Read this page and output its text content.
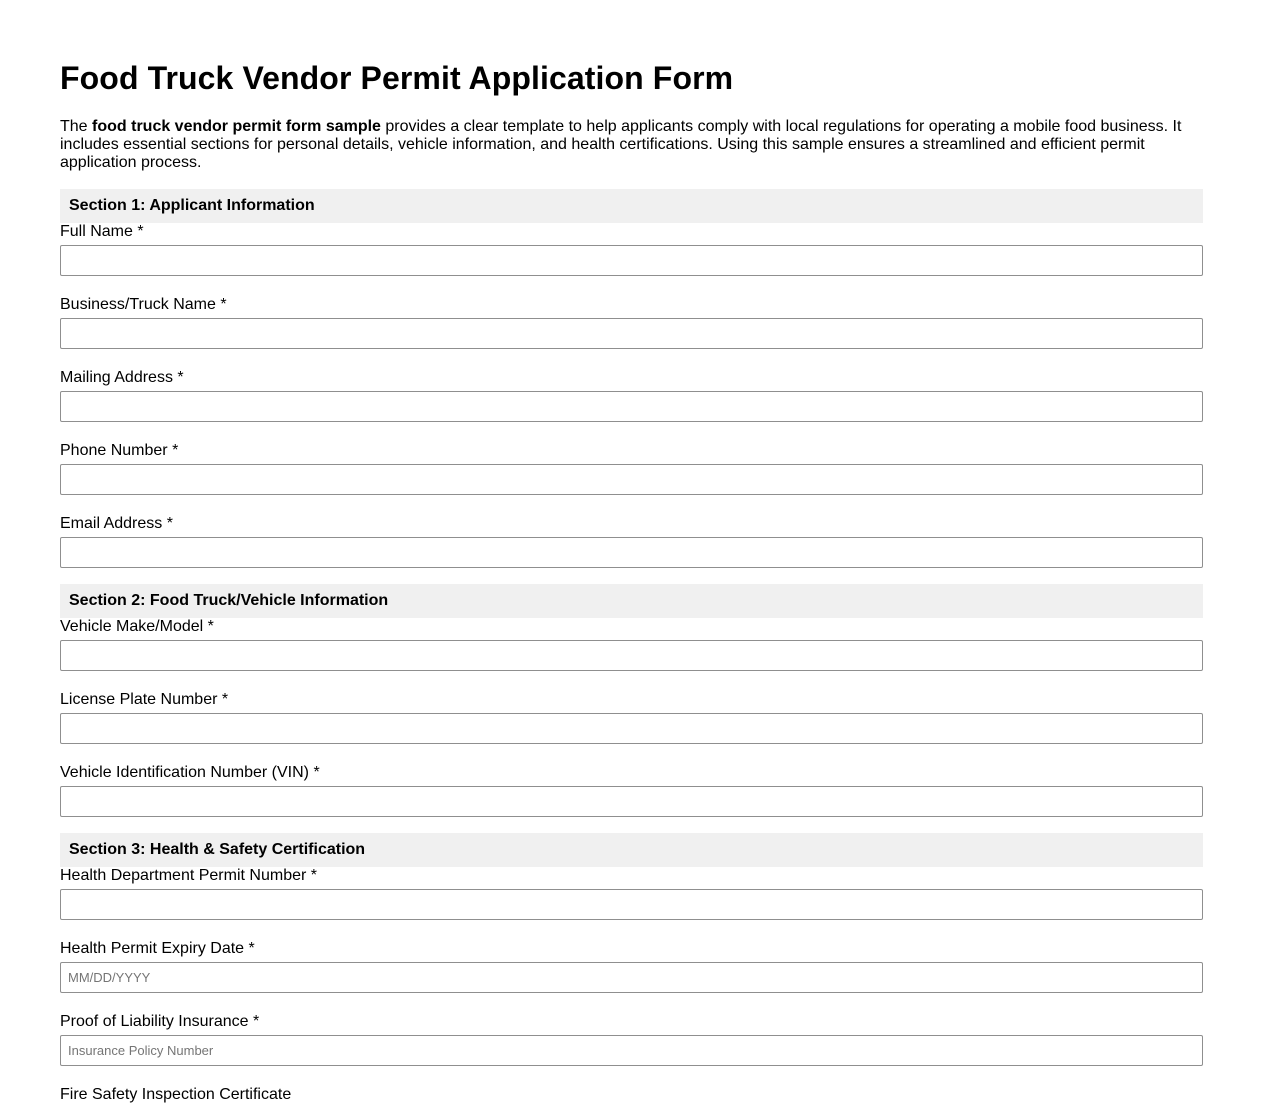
Food Truck Vendor Permit Application Form

The food truck vendor permit form sample provides a clear template to help applicants comply with local regulations for operating a mobile food business. It includes essential sections for personal details, vehicle information, and health certifications. Using this sample ensures a streamlined and efficient permit application process.

Section 1: Applicant Information
Full Name *
Business/Truck Name *
Mailing Address *
Phone Number *
Email Address *
Section 2: Food Truck/Vehicle Information
Vehicle Make/Model *
License Plate Number *
Vehicle Identification Number (VIN) *
Section 3: Health & Safety Certification
Health Department Permit Number *
Health Permit Expiry Date *
MM/DD/YYYY
Proof of Liability Insurance *
Insurance Policy Number
Fire Safety Inspection Certificate
